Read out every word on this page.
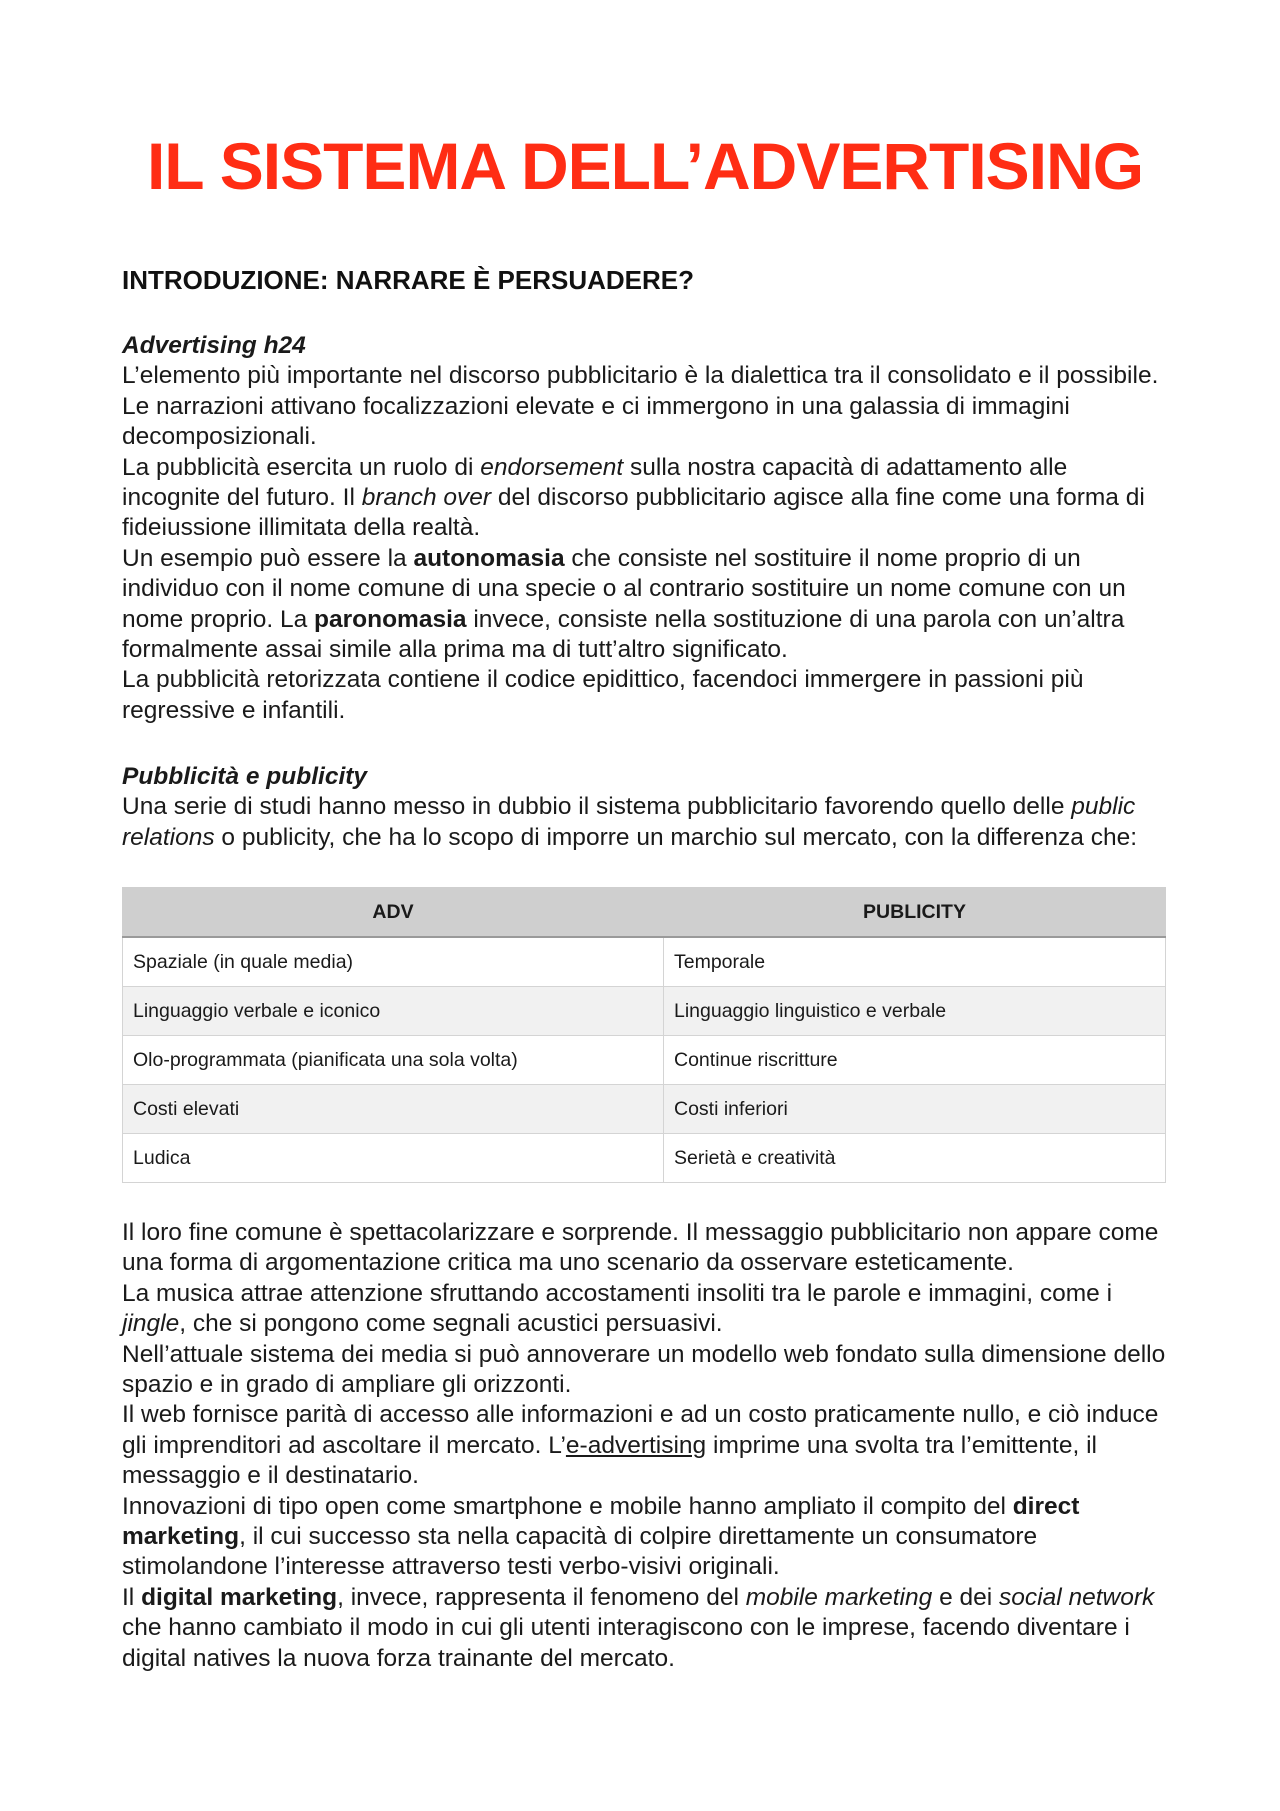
IL SISTEMA DELL’ADVERTISING
INTRODUZIONE: NARRARE È PERSUADERE?

Advertising h24

L’elemento più importante nel discorso pubblicitario è la dialettica tra il consolidato e il possibile. Le narrazioni attivano focalizzazioni elevate e ci immergono in una galassia di immagini decomposizionali.

La pubblicità esercita un ruolo di endorsement sulla nostra capacità di adattamento alle incognite del futuro. Il branch over del discorso pubblicitario agisce alla fine come una forma di fideiussione illimitata della realtà.

Un esempio può essere la autonomasia che consiste nel sostituire il nome proprio di un individuo con il nome comune di una specie o al contrario sostituire un nome comune con un nome proprio. La paronomasia invece, consiste nella sostituzione di una parola con un’altra formalmente assai simile alla prima ma di tutt’altro significato.

La pubblicità retorizzata contiene il codice epidittico, facendoci immergere in passioni più regressive e infantili.

Pubblicità e publicity

Una serie di studi hanno messo in dubbio il sistema pubblicitario favorendo quello delle public relations o publicity, che ha lo scopo di imporre un marchio sul mercato, con la differenza che:

ADV	PUBLICITY
Spaziale (in quale media)	Temporale
Linguaggio verbale e iconico	Linguaggio linguistico e verbale
Olo-programmata (pianificata una sola volta)	Continue riscritture
Costi elevati	Costi inferiori
Ludica	Serietà e creatività

Il loro fine comune è spettacolarizzare e sorprende. Il messaggio pubblicitario non appare come una forma di argomentazione critica ma uno scenario da osservare esteticamente.

La musica attrae attenzione sfruttando accostamenti insoliti tra le parole e immagini, come i jingle, che si pongono come segnali acustici persuasivi.

Nell’attuale sistema dei media si può annoverare un modello web fondato sulla dimensione dello spazio e in grado di ampliare gli orizzonti.

Il web fornisce parità di accesso alle informazioni e ad un costo praticamente nullo, e ciò induce gli imprenditori ad ascoltare il mercato. L’e-advertising imprime una svolta tra l’emittente, il messaggio e il destinatario.

Innovazioni di tipo open come smartphone e mobile hanno ampliato il compito del direct marketing, il cui successo sta nella capacità di colpire direttamente un consumatore stimolandone l’interesse attraverso testi verbo-visivi originali.

Il digital marketing, invece, rappresenta il fenomeno del mobile marketing e dei social network che hanno cambiato il modo in cui gli utenti interagiscono con le imprese, facendo diventare i digital natives la nuova forza trainante del mercato.
